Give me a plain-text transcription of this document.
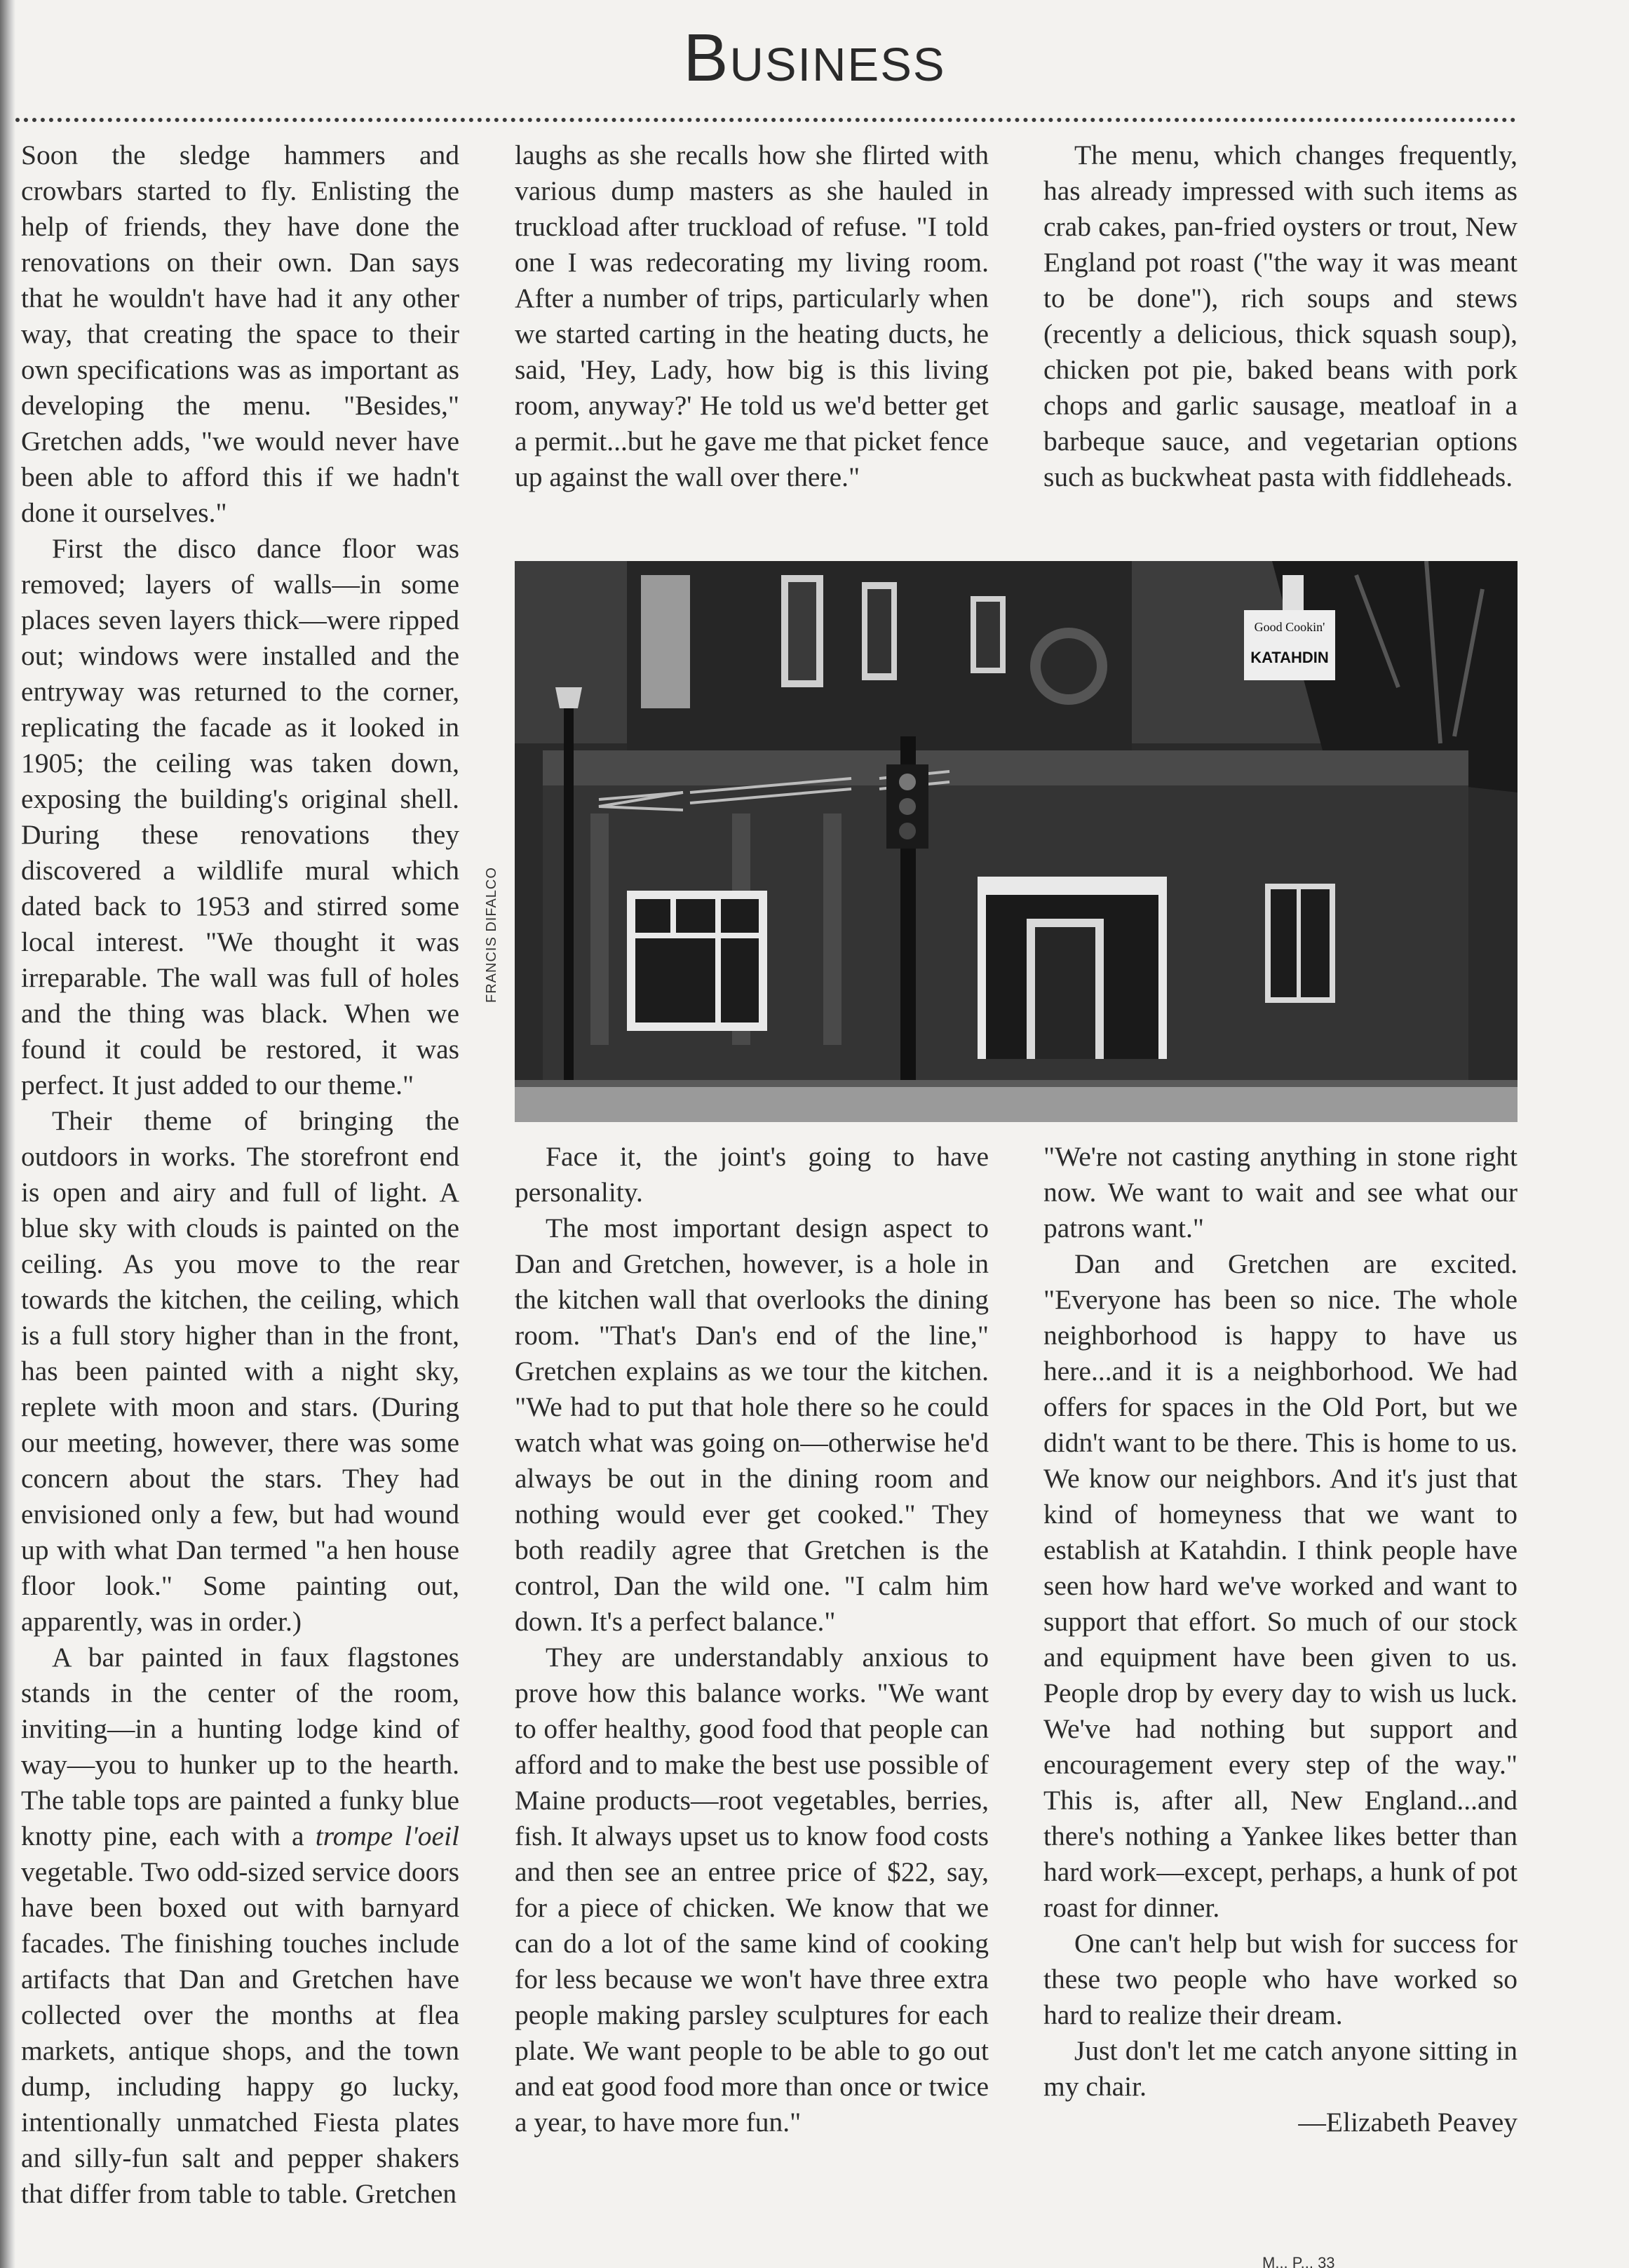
Business

Soon the sledge hammers and crowbars started to fly. Enlisting the help of friends, they have done the renovations on their own. Dan says that he wouldn't have had it any other way, that creating the space to their own specifications was as important as developing the menu. "Besides," Gretchen adds, "we would never have been able to afford this if we hadn't done it ourselves."

First the disco dance floor was removed; layers of walls—in some places seven layers thick—were ripped out; windows were installed and the entryway was returned to the corner, replicating the facade as it looked in 1905; the ceiling was taken down, exposing the building's original shell. During these renovations they discovered a wildlife mural which dated back to 1953 and stirred some local interest. "We thought it was irreparable. The wall was full of holes and the thing was black. When we found it could be restored, it was perfect. It just added to our theme."

Their theme of bringing the outdoors in works. The storefront end is open and airy and full of light. A blue sky with clouds is painted on the ceiling. As you move to the rear towards the kitchen, the ceiling, which is a full story higher than in the front, has been painted with a night sky, replete with moon and stars. (During our meeting, however, there was some concern about the stars. They had envisioned only a few, but had wound up with what Dan termed "a hen house floor look." Some painting out, apparently, was in order.)

A bar painted in faux flagstones stands in the center of the room, inviting—in a hunting lodge kind of way—you to hunker up to the hearth. The table tops are painted a funky blue knotty pine, each with a trompe l'oeil vegetable. Two odd-sized service doors have been boxed out with barnyard facades. The finishing touches include artifacts that Dan and Gretchen have collected over the months at flea markets, antique shops, and the town dump, including happy go lucky, intentionally unmatched Fiesta plates and silly-fun salt and pepper shakers that differ from table to table. Gretchen

laughs as she recalls how she flirted with various dump masters as she hauled in truckload after truckload of refuse. "I told one I was redecorating my living room. After a number of trips, particularly when we started carting in the heating ducts, he said, 'Hey, Lady, how big is this living room, anyway?' He told us we'd better get a permit...but he gave me that picket fence up against the wall over there."

The menu, which changes frequently, has already impressed with such items as crab cakes, pan-fried oysters or trout, New England pot roast ("the way it was meant to be done"), rich soups and stews (recently a delicious, thick squash soup), chicken pot pie, baked beans with pork chops and garlic sausage, meatloaf in a barbeque sauce, and vegetarian options such as buckwheat pasta with fiddleheads.

Good Cookin'
KATAHDIN
FRANCIS DIFALCO

Face it, the joint's going to have personality.

The most important design aspect to Dan and Gretchen, however, is a hole in the kitchen wall that overlooks the dining room. "That's Dan's end of the line," Gretchen explains as we tour the kitchen. "We had to put that hole there so he could watch what was going on—otherwise he'd always be out in the dining room and nothing would ever get cooked." They both readily agree that Gretchen is the control, Dan the wild one. "I calm him down. It's a perfect balance."

They are understandably anxious to prove how this balance works. "We want to offer healthy, good food that people can afford and to make the best use possible of Maine products—root vegetables, berries, fish. It always upset us to know food costs and then see an entree price of $22, say, for a piece of chicken. We know that we can do a lot of the same kind of cooking for less because we won't have three extra people making parsley sculptures for each plate. We want people to be able to go out and eat good food more than once or twice a year, to have more fun."

"We're not casting anything in stone right now. We want to wait and see what our patrons want."

Dan and Gretchen are excited. "Everyone has been so nice. The whole neighborhood is happy to have us here...and it is a neighborhood. We had offers for spaces in the Old Port, but we didn't want to be there. This is home to us. We know our neighbors. And it's just that kind of homeyness that we want to establish at Katahdin. I think people have seen how hard we've worked and want to support that effort. So much of our stock and equipment have been given to us. People drop by every day to wish us luck. We've had nothing but support and encouragement every step of the way." This is, after all, New England...and there's nothing a Yankee likes better than hard work—except, perhaps, a hunk of pot roast for dinner.

One can't help but wish for success for these two people who have worked so hard to realize their dream.

Just don't let me catch anyone sitting in my chair.

—Elizabeth Peavey

M... P... 33
